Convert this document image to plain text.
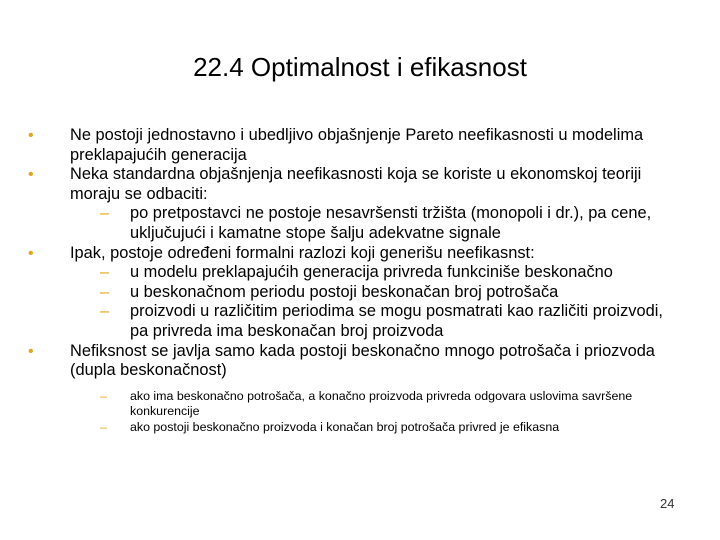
22.4 Optimalnost i efikasnost
•	Ne postoji jednostavno i ubedljivo objašnjenje Pareto neefikasnosti u modelima preklapajućih generacija
•	Neka standardna objašnjenja neefikasnosti koja se koriste u ekonomskoj teoriji moraju se odbaciti:
– po pretpostavci ne postoje nesavršensti tržišta (monopoli i dr.), pa cene, uključujući i kamatne stope šalju adekvatne signale
•	Ipak, postoje određeni formalni razlozi koji generišu neefikasnst:
– u modelu preklapajućih generacija privreda funkciniše beskonačno
– u beskonačnom periodu postoji beskonačan broj potrošača
– proizvodi u različitim periodima se mogu posmatrati kao različiti proizvodi, pa privreda ima beskonačan broj proizvoda
•	Nefiksnost se javlja samo kada postoji beskonačno mnogo potrošača i priozvoda (dupla beskonačnost)
– ako ima beskonačno potrošača, a konačno proizvoda privreda odgovara uslovima savršene konkurencije
– ako postoji beskonačno proizvoda i konačan broj potrošača privred je efikasna
24
